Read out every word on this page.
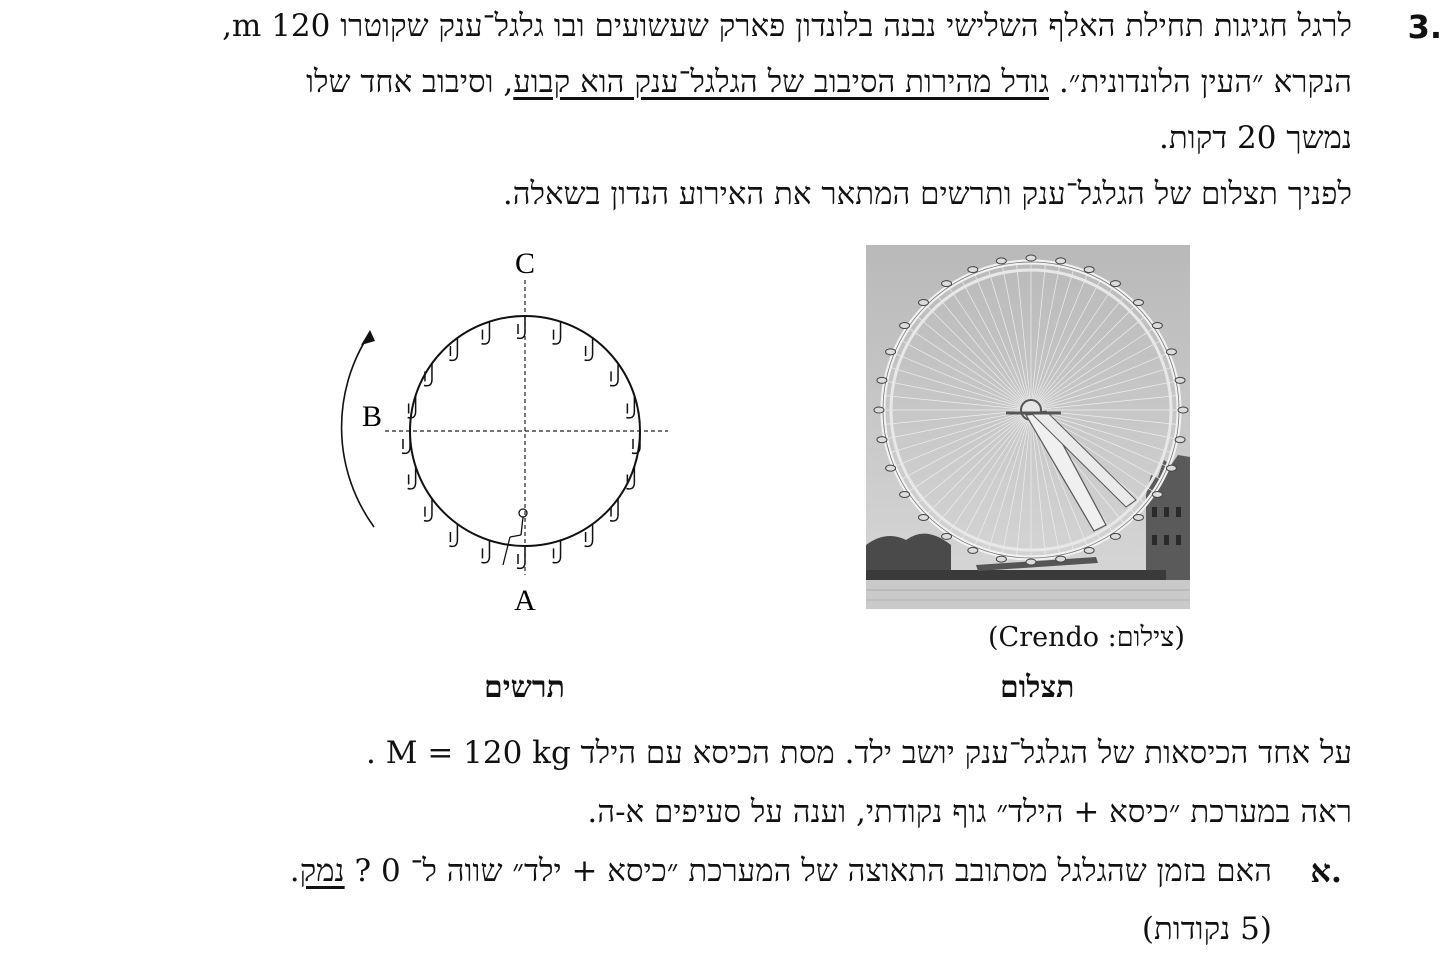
3.
לרגל חגיגות תחילת האלף השלישי נבנה בלונדון פארק שעשועים ובו גלגל־ענק שקוטרו 120 m,
הנקרא ״העין הלונדונית״. גודל מהירות הסיבוב של הגלגל־ענק הוא קבוע, וסיבוב אחד שלו
נמשך 20 דקות.
לפניך תצלום של הגלגל־ענק ותרשים המתאר את האירוע הנדון בשאלה.
C
B
A
(צילום: Crendo)
תצלום
תרשים
על אחד הכיסאות של הגלגל־ענק יושב ילד. מסת הכיסא עם הילד M = 120 kg .
ראה במערכת ״כיסא + הילד״ גוף נקודתי, וענה על סעיפים א-ה.
א.
האם בזמן שהגלגל מסתובב התאוצה של המערכת ״כיסא + ילד״ שווה ל־ 0 ? נמק.
(5 נקודות)
